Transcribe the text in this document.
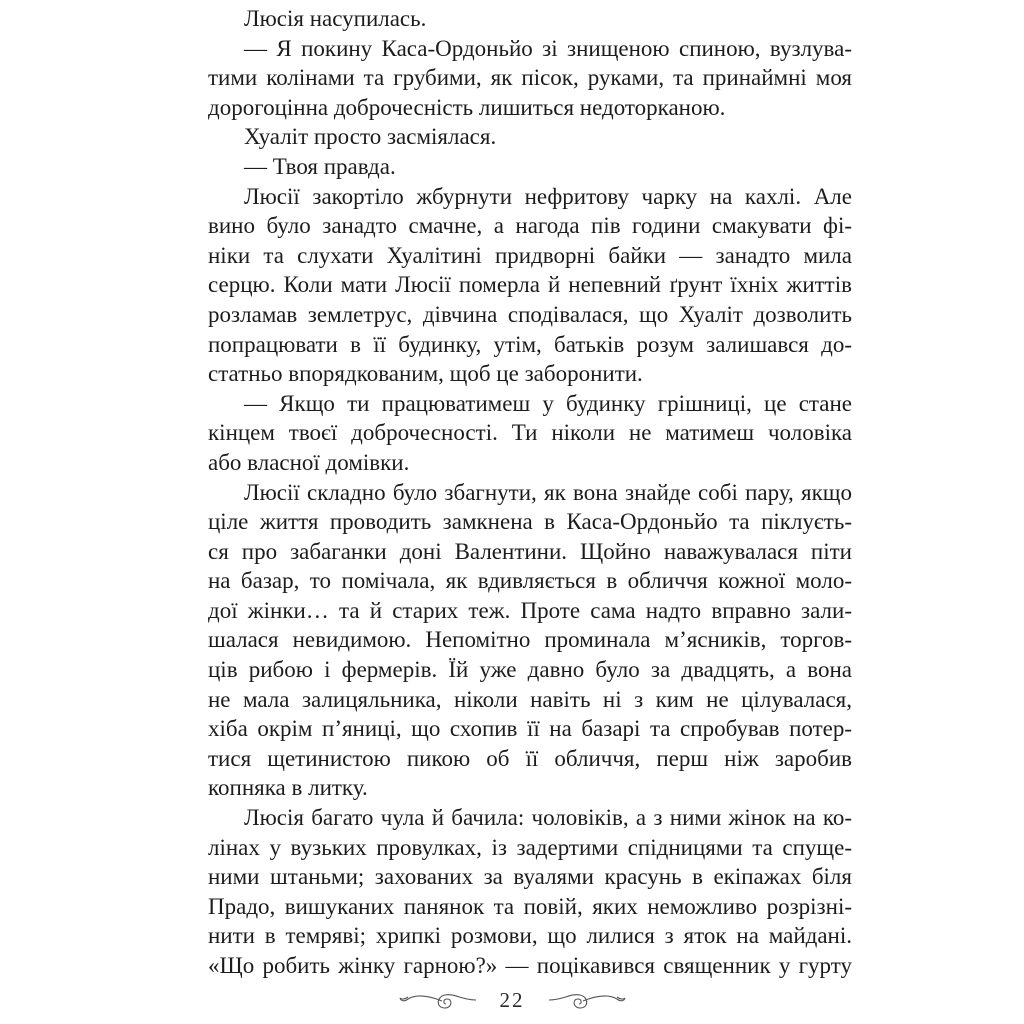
Люсія насупилась.

— Я покину Каса-Ордоньйо зі знищеною спиною, вузлува-
тими колінами та грубими, як пісок, руками, та принаймні моя
дорогоцінна доброчесність лишиться недоторканою.

Хуаліт просто засміялася.

— Твоя правда.

Люсії закортіло жбурнути нефритову чарку на кахлі. Але
вино було занадто смачне, а нагода пів години смакувати фі-
ніки та слухати Хуалітині придворні байки — занадто мила
серцю. Коли мати Люсії померла й непевний ґрунт їхніх життів
розламав землетрус, дівчина сподівалася, що Хуаліт дозволить
попрацювати в її будинку, утім, батьків розум залишався до-
статньо впорядкованим, щоб це заборонити.

— Якщо ти працюватимеш у будинку грішниці, це стане
кінцем твоєї доброчесності. Ти ніколи не матимеш чоловіка
або власної домівки.

Люсії складно було збагнути, як вона знайде собі пару, якщо
ціле життя проводить замкнена в Каса-Ордоньйо та піклуєть-
ся про забаганки доні Валентини. Щойно наважувалася піти
на базар, то помічала, як вдивляється в обличчя кожної моло-
дої жінки… та й старих теж. Проте сама надто вправно зали-
шалася невидимою. Непомітно проминала м’ясників, торгов-
ців рибою і фермерів. Їй уже давно було за двадцять, а вона
не мала залицяльника, ніколи навіть ні з ким не цілувалася,
хіба окрім п’яниці, що схопив її на базарі та спробував потер-
тися щетинистою пикою об її обличчя, перш ніж заробив
копняка в литку.

Люсія багато чула й бачила: чоловіків, а з ними жінок на ко-
лінах у вузьких провулках, із задертими спідницями та спуще-
ними штаньми; захованих за вуалями красунь в екіпажах біля
Прадо, вишуканих панянок та повій, яких неможливо розрізні-
нити в темряві; хрипкі розмови, що лилися з яток на майдані.
«Що робить жінку гарною?» — поцікавився священник у гурту

22
